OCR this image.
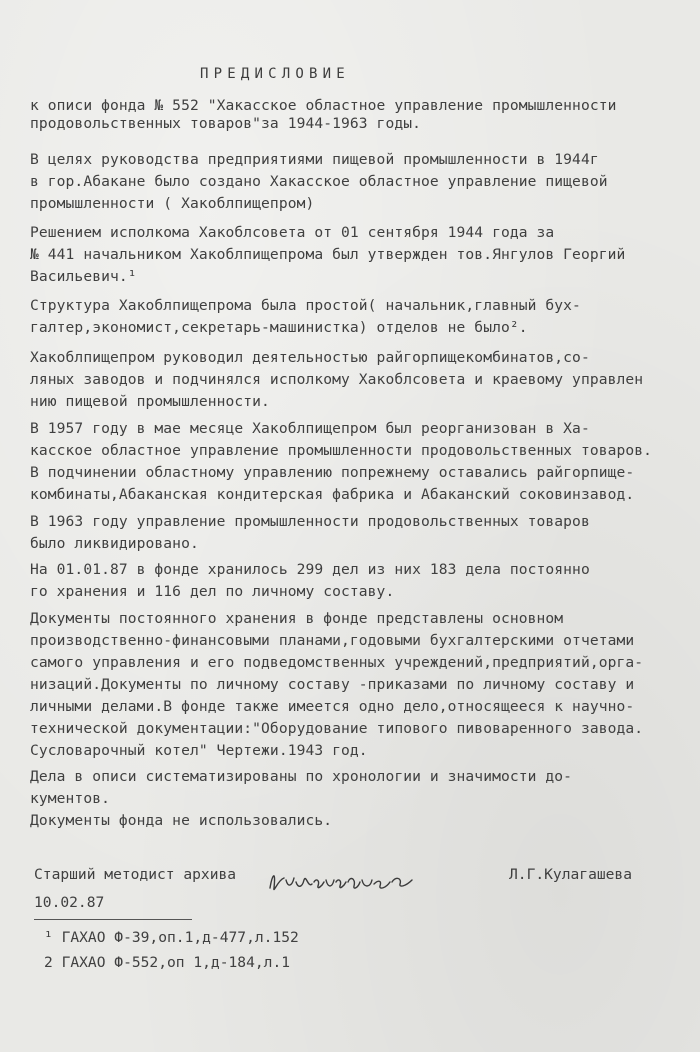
ПРЕДИСЛОВИЕ
к описи фонда № 552 "Хакасское областное управление промышленности
продовольственных товаров"за 1944-1963 годы.
В целях руководства предприятиями пищевой промышленности в 1944г
в гор.Абакане было создано Хакасское областное управление пищевой
промышленности ( Хакоблпищепром)
Решением исполкома Хакоблсовета от 01 сентября 1944 года за
№ 441 начальником Хакоблпищепрома был утвержден тов.Янгулов Георгий
Васильевич.¹
Структура Хакоблпищепрома была простой( начальник,главный бух-
галтер,экономист,секретарь-машинистка) отделов не было².
Хакоблпищепром руководил деятельностью райгорпищекомбинатов,со-
ляных заводов и подчинялся исполкому Хакоблсовета и краевому управлен
нию пищевой промышленности.
В 1957 году в мае месяце Хакоблпищепром был реорганизован в Ха-
касское областное управление промышленности продовольственных товаров.
В подчинении областному управлению попрежнему оставались райгорпище-
комбинаты,Абаканская кондитерская фабрика и Абаканский соковинзавод.
В 1963 году управление промышленности продовольственных товаров
было ликвидировано.
На 01.01.87 в фонде хранилось 299 дел из них 183 дела постоянно
го хранения и 116 дел по личному составу.
Документы постоянного хранения в фонде представлены основном
производственно-финансовыми планами,годовыми бухгалтерскими отчетами
самого управления и его подведомственных учреждений,предприятий,орга-
низаций.Документы по личному составу -приказами по личному составу и
личными делами.В фонде также имеется одно дело,относящееся к научно-
технической документации:"Оборудование типового пивоваренного завода.
Сусловарочный котел" Чертежи.1943 год.
Дела в описи систематизированы по хронологии и значимости до-
кументов.
Документы фонда не использовались.
Старший методист архива	Л.Г.Кулагашева
10.02.87
¹ ГАХАО Ф-39,оп.1,д-477,л.152
2 ГАХАО Ф-552,оп 1,д-184,л.1
